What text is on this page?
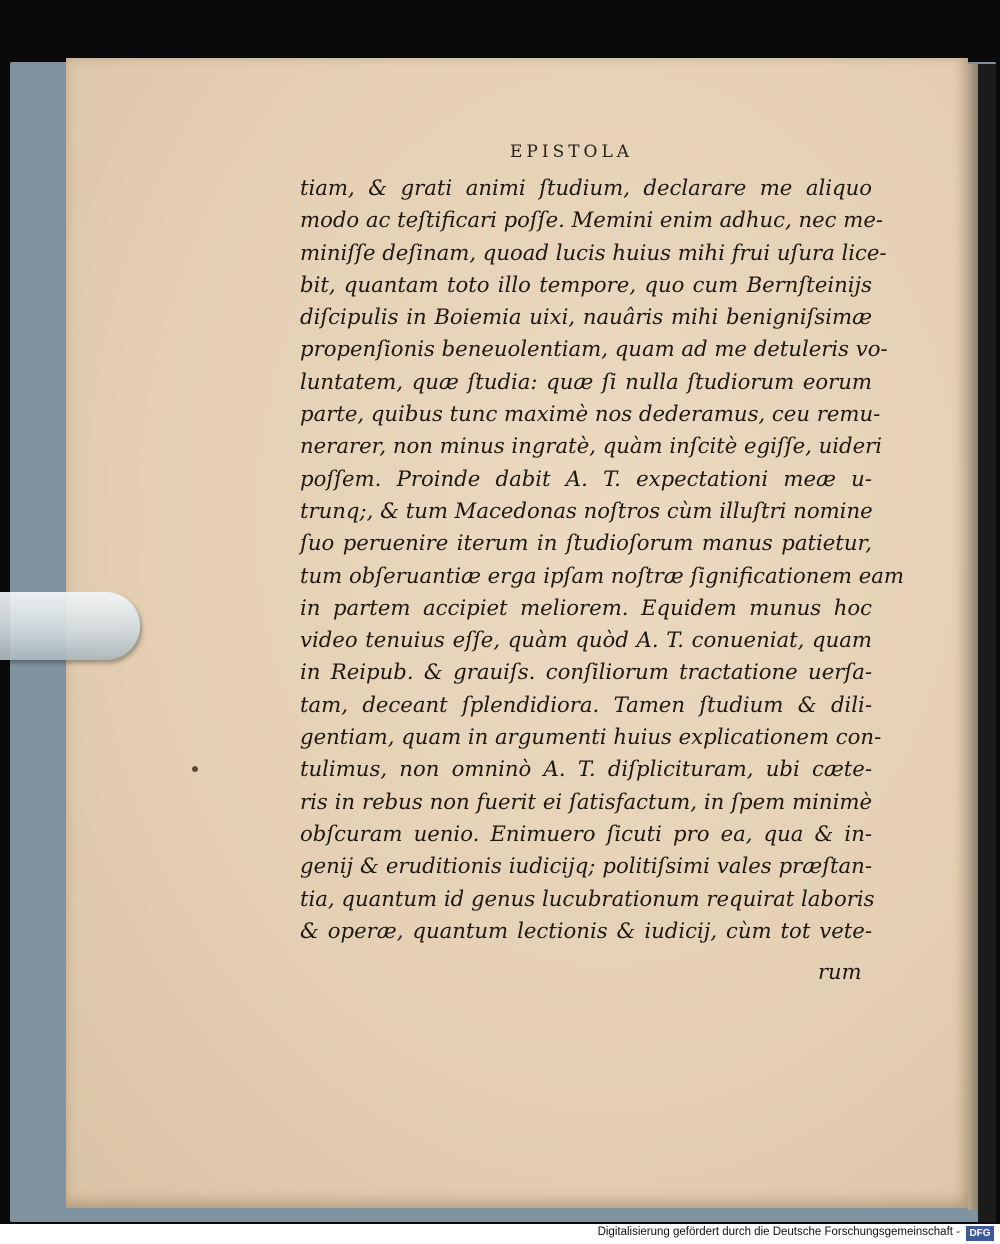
EPISTOLA
tiam, & grati animi ſtudium, declarare me aliquo
modo ac teſtificari poſſe. Memini enim adhuc, nec me-
miniſſe deſinam, quoad lucis huius mihi frui uſura lice-
bit, quantam toto illo tempore, quo cum Bernſteinijs
diſcipulis in Boiemia uixi, nauâris mihi benigniſsimæ
propenſionis beneuolentiam, quam ad me detuleris vo-
luntatem, quæ ſtudia: quæ ſi nulla ſtudiorum eorum
parte, quibus tunc maximè nos dederamus, ceu remu-
nerarer, non minus ingratè, quàm inſcitè egiſſe, uideri
poſſem. Proinde dabit A. T. expectationi meæ u-
trunq;, & tum Macedonas noſtros cùm illuſtri nomine
ſuo peruenire iterum in ſtudioſorum manus patietur,
tum obſeruantiæ erga ipſam noſtræ ſignificationem eam
in partem accipiet meliorem. Equidem munus hoc
video tenuius eſſe, quàm quòd A. T. conueniat, quam
in Reipub. & grauiſs. conſiliorum tractatione uerſa-
tam, deceant ſplendidiora. Tamen ſtudium & dili-
gentiam, quam in argumenti huius explicationem con-
tulimus, non omninò A. T. diſplicituram, ubi cæte-
ris in rebus non fuerit ei ſatisfactum, in ſpem minimè
obſcuram uenio. Enimuero ſicuti pro ea, qua & in-
genij & eruditionis iudicijq; politiſsimi vales præſtan-
tia, quantum id genus lucubrationum requirat laboris
& operæ, quantum lectionis & iudicij, cùm tot vete-
rum
Digitalisierung gefördert durch die Deutsche Forschungsgemeinschaft - DFG
